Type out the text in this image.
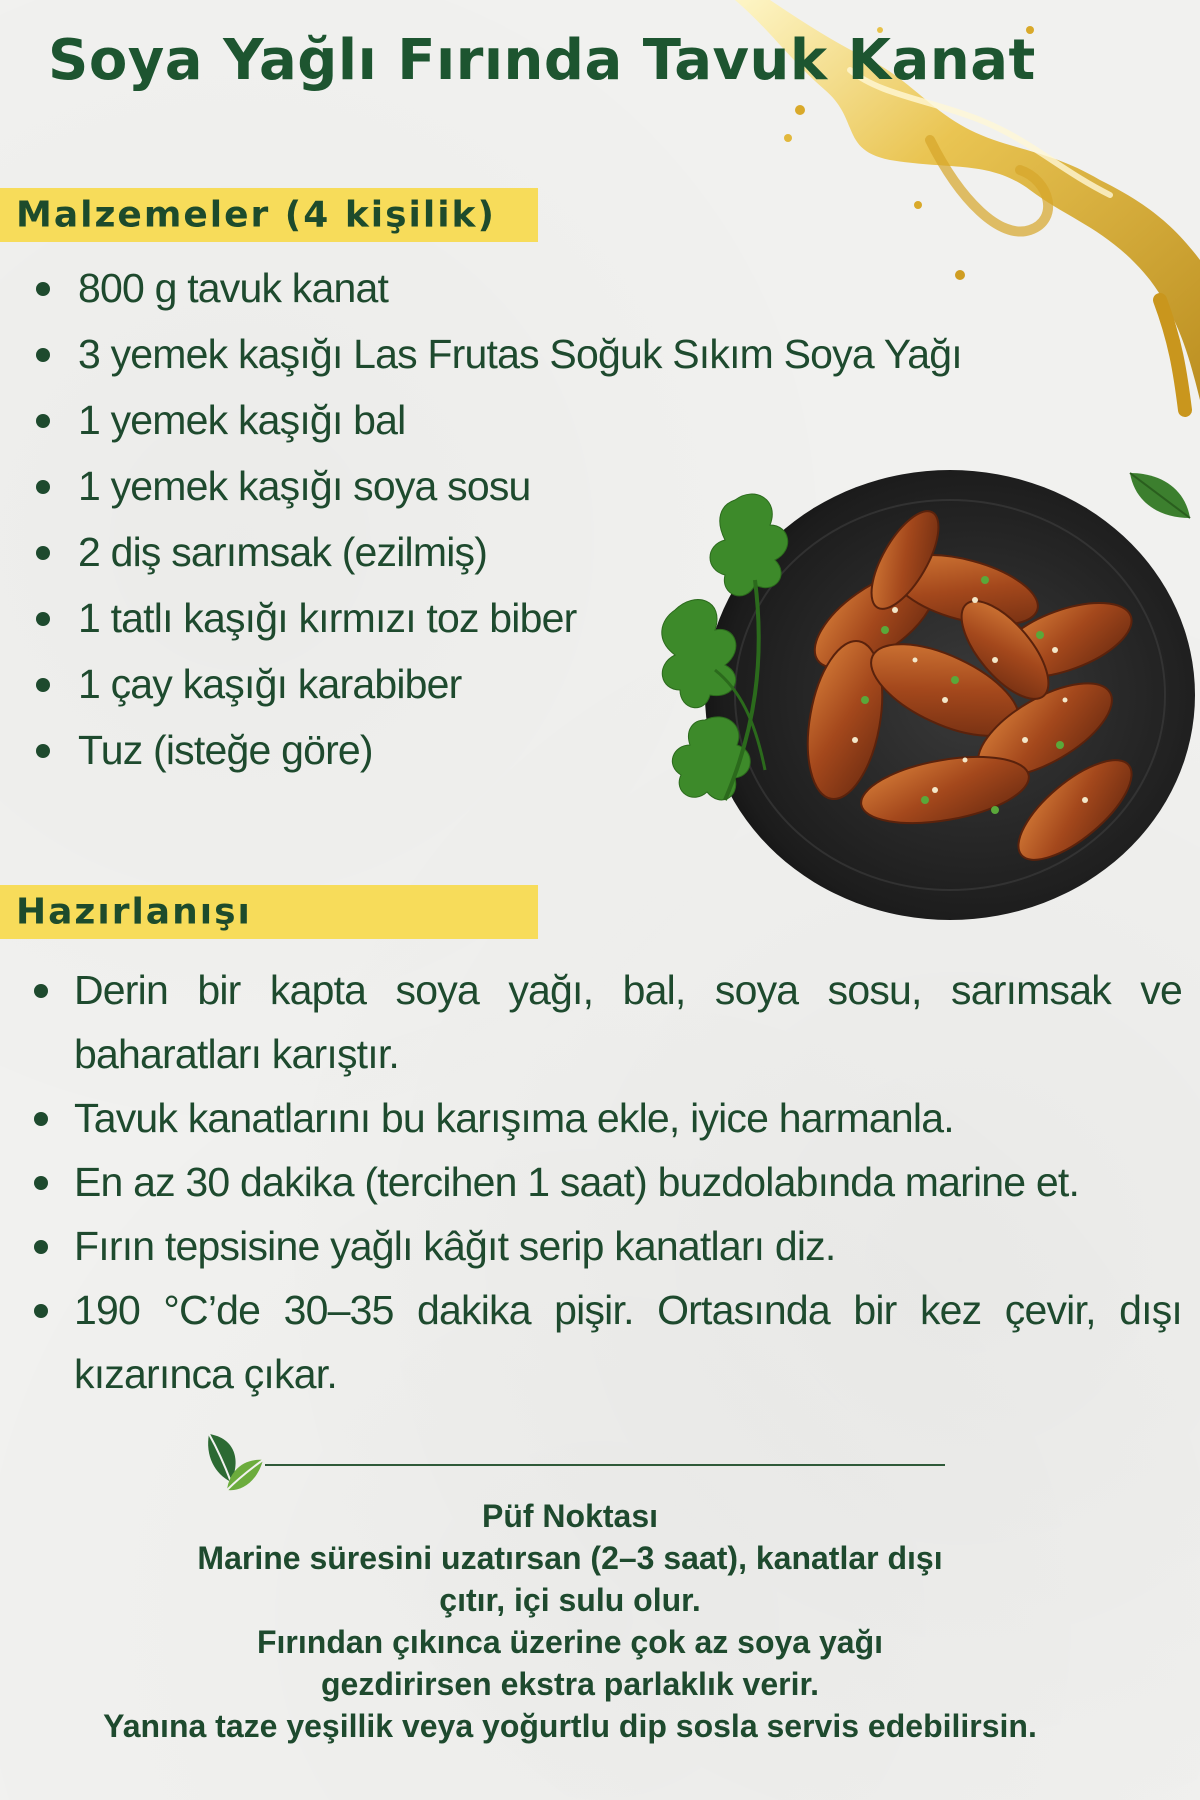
Soya Yağlı Fırında Tavuk Kanat
Malzemeler (4 kişilik)
800 g tavuk kanat
3 yemek kaşığı Las Frutas Soğuk Sıkım Soya Yağı
1 yemek kaşığı bal
1 yemek kaşığı soya sosu
2 diş sarımsak (ezilmiş)
1 tatlı kaşığı kırmızı toz biber
1 çay kaşığı karabiber
Tuz (isteğe göre)
Hazırlanışı
Derin bir kapta soya yağı, bal, soya sosu, sarımsak ve baharatları karıştır.
Tavuk kanatlarını bu karışıma ekle, iyice harmanla.
En az 30 dakika (tercihen 1 saat) buzdolabında marine et.
Fırın tepsisine yağlı kâğıt serip kanatları diz.
190 °C’de 30–35 dakika pişir. Ortasında bir kez çevir, dışı kızarınca çıkar.

Püf Noktası

Marine süresini uzatırsan (2–3 saat), kanatlar dışı çıtır, içi sulu olur.

Fırından çıkınca üzerine çok az soya yağı gezdirirsen ekstra parlaklık verir.

Yanına taze yeşillik veya yoğurtlu dip sosla servis edebilirsin.
